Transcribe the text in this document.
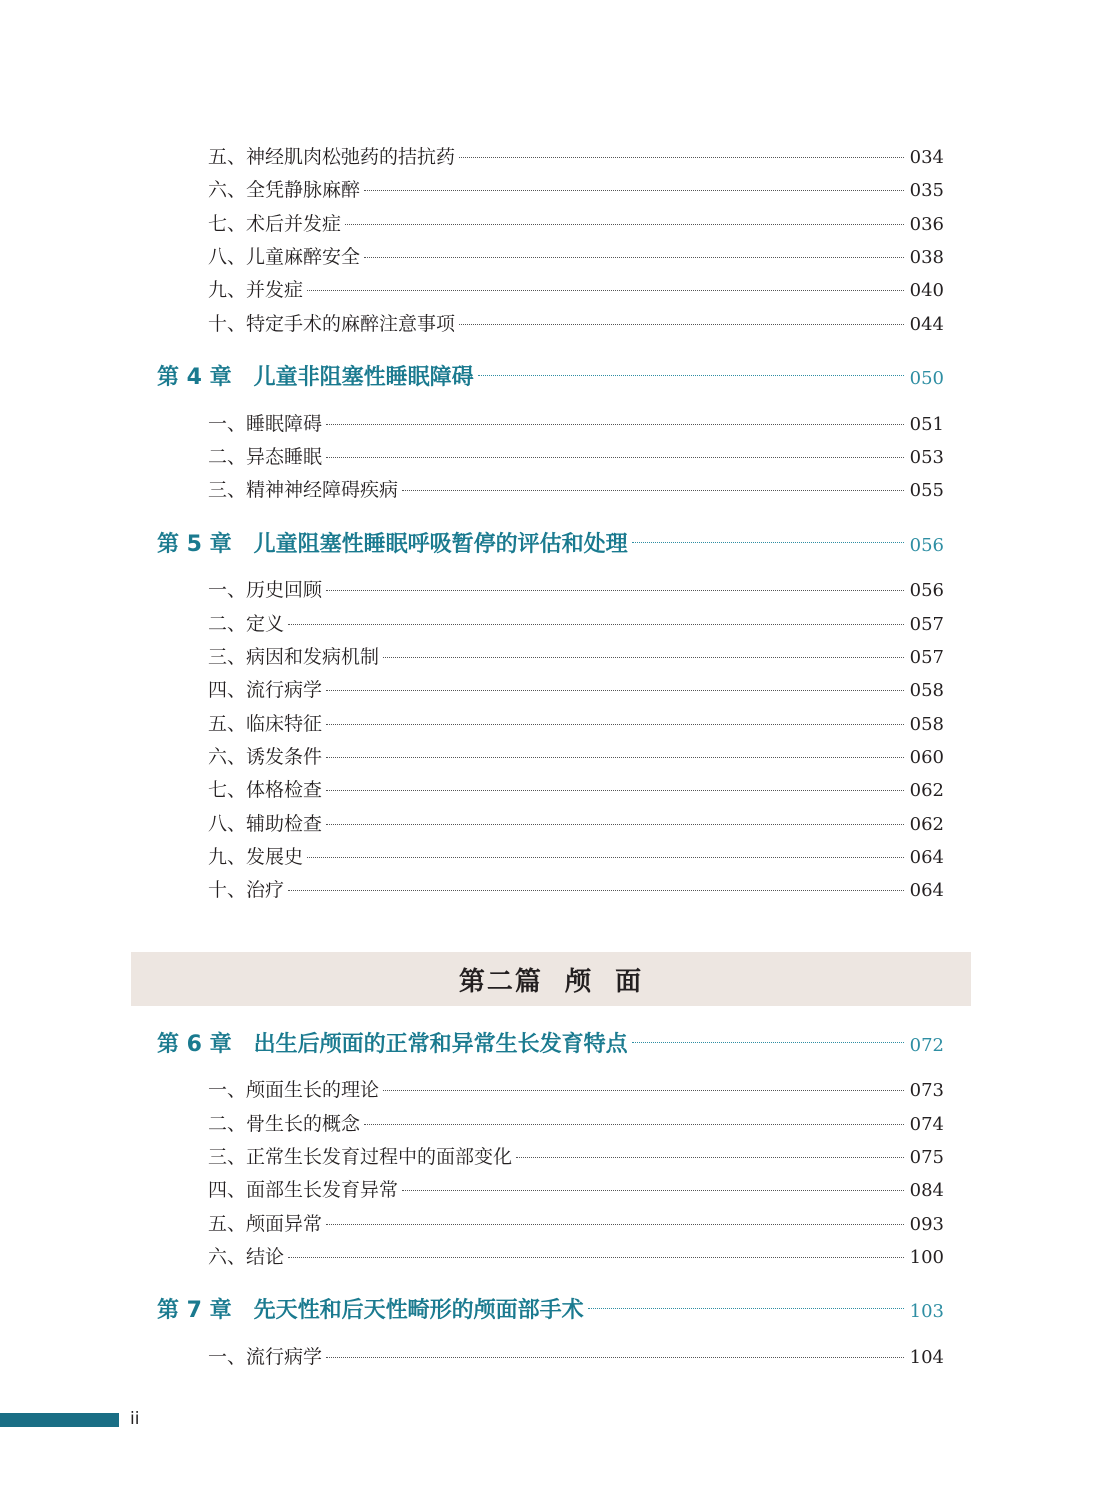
五、神经肌肉松弛药的拮抗药	034
六、全凭静脉麻醉	035
七、术后并发症	036
八、儿童麻醉安全	038
九、并发症	040
十、特定手术的麻醉注意事项	044
第 4 章 儿童非阻塞性睡眠障碍	050
一、睡眠障碍	051
二、异态睡眠	053
三、精神神经障碍疾病	055
第 5 章 儿童阻塞性睡眠呼吸暂停的评估和处理	056
一、历史回顾	056
二、定义	057
三、病因和发病机制	057
四、流行病学	058
五、临床特征	058
六、诱发条件	060
七、体格检查	062
八、辅助检查	062
九、发展史	064
十、治疗	064
第二篇  颅  面
第 6 章 出生后颅面的正常和异常生长发育特点	072
一、颅面生长的理论	073
二、骨生长的概念	074
三、正常生长发育过程中的面部变化	075
四、面部生长发育异常	084
五、颅面异常	093
六、结论	100
第 7 章 先天性和后天性畸形的颅面部手术	103
一、流行病学	104
ii
